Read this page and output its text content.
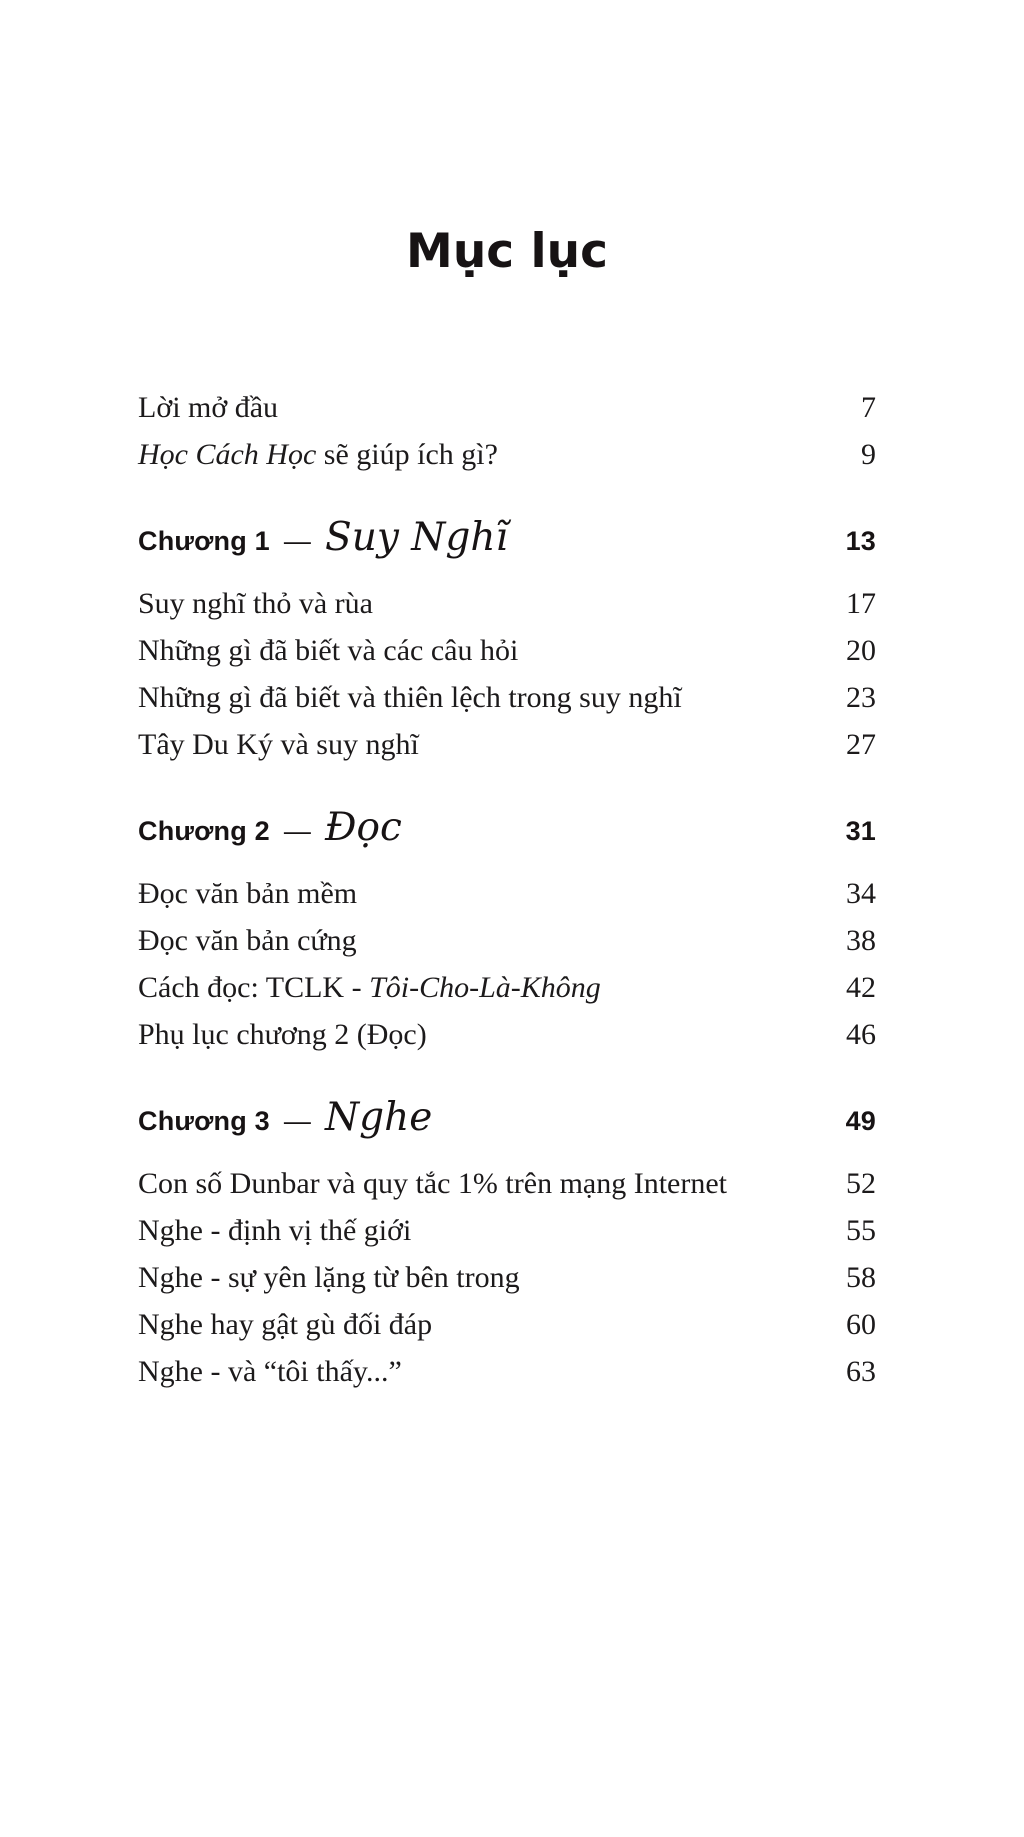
Mục lục
Lời mở đầu	7
Học Cách Học sẽ giúp ích gì?	9
Chương 1 — Suy Nghĩ	13
Suy nghĩ thỏ và rùa	17
Những gì đã biết và các câu hỏi	20
Những gì đã biết và thiên lệch trong suy nghĩ	23
Tây Du Ký và suy nghĩ	27
Chương 2 — Đọc	31
Đọc văn bản mềm	34
Đọc văn bản cứng	38
Cách đọc: TCLK - Tôi-Cho-Là-Không	42
Phụ lục chương 2 (Đọc)	46
Chương 3 — Nghe	49
Con số Dunbar và quy tắc 1% trên mạng Internet	52
Nghe - định vị thế giới	55
Nghe - sự yên lặng từ bên trong	58
Nghe hay gật gù đối đáp	60
Nghe - và “tôi thấy...”	63
